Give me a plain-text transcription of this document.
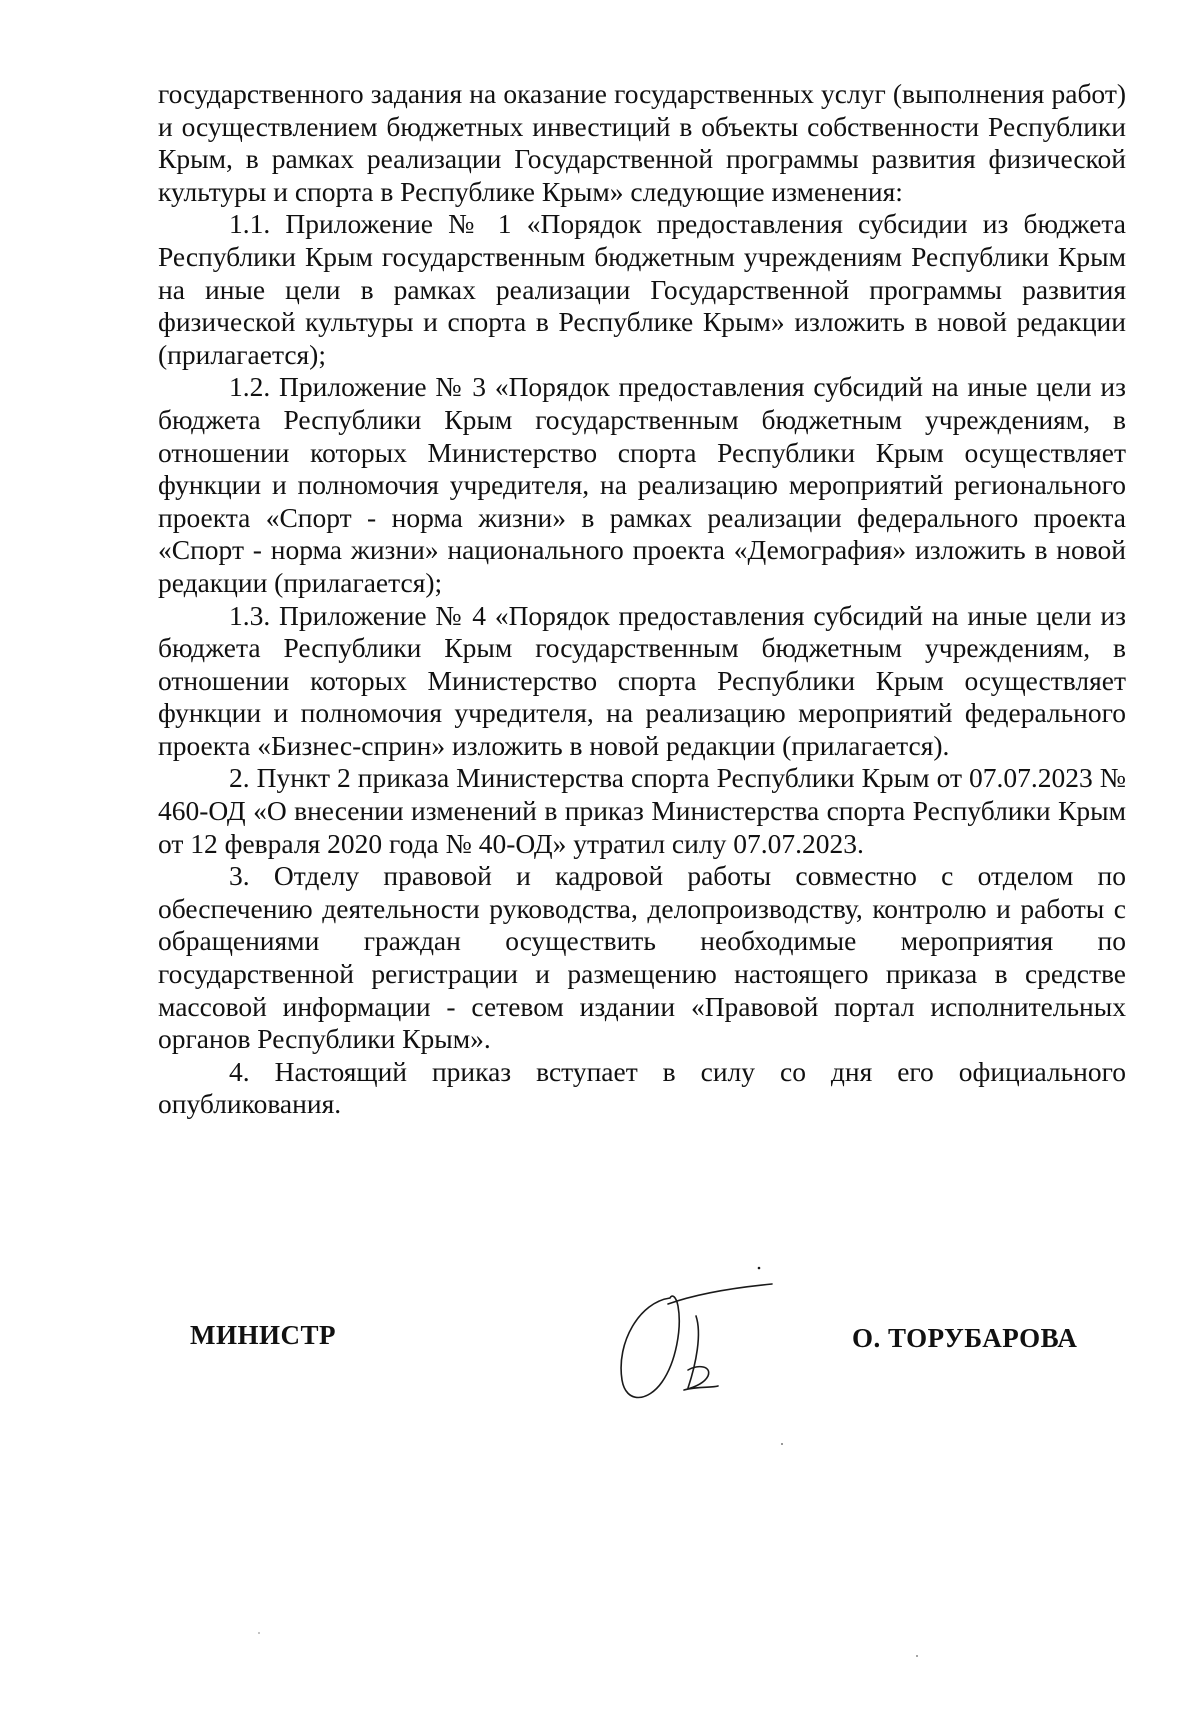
государственного задания на оказание государственных услуг (выполнения работ) и осуществлением бюджетных инвестиций в объекты собственности Республики Крым, в рамках реализации Государственной программы развития физической культуры и спорта в Республике Крым» следующие изменения:

1.1. Приложение № 1 «Порядок предоставления субсидии из бюджета Республики Крым государственным бюджетным учреждениям Республики Крым на иные цели в рамках реализации Государственной программы развития физической культуры и спорта в Республике Крым» изложить в новой редакции (прилагается);

1.2. Приложение № 3 «Порядок предоставления субсидий на иные цели из бюджета Республики Крым государственным бюджетным учреждениям, в отношении которых Министерство спорта Республики Крым осуществляет функции и полномочия учредителя, на реализацию мероприятий регионального проекта «Спорт - норма жизни» в рамках реализации федерального проекта «Спорт - норма жизни» национального проекта «Демография» изложить в новой редакции (прилагается);

1.3. Приложение № 4 «Порядок предоставления субсидий на иные цели из бюджета Республики Крым государственным бюджетным учреждениям, в отношении которых Министерство спорта Республики Крым осуществляет функции и полномочия учредителя, на реализацию мероприятий федерального проекта «Бизнес-сприн» изложить в новой редакции (прилагается).

2. Пункт 2 приказа Министерства спорта Республики Крым от 07.07.2023 № 460-ОД «О внесении изменений в приказ Министерства спорта Республики Крым от 12 февраля 2020 года № 40-ОД» утратил силу 07.07.2023.

3. Отделу правовой и кадровой работы совместно с отделом по обеспечению деятельности руководства, делопроизводству, контролю и работы с обращениями граждан осуществить необходимые мероприятия по государственной регистрации и размещению настоящего приказа в средстве массовой информации - сетевом издании «Правовой портал исполнительных органов Республики Крым».

4. Настоящий приказ вступает в силу со дня его официального опубликования.

МИНИСТР	О. ТОРУБАРОВА
